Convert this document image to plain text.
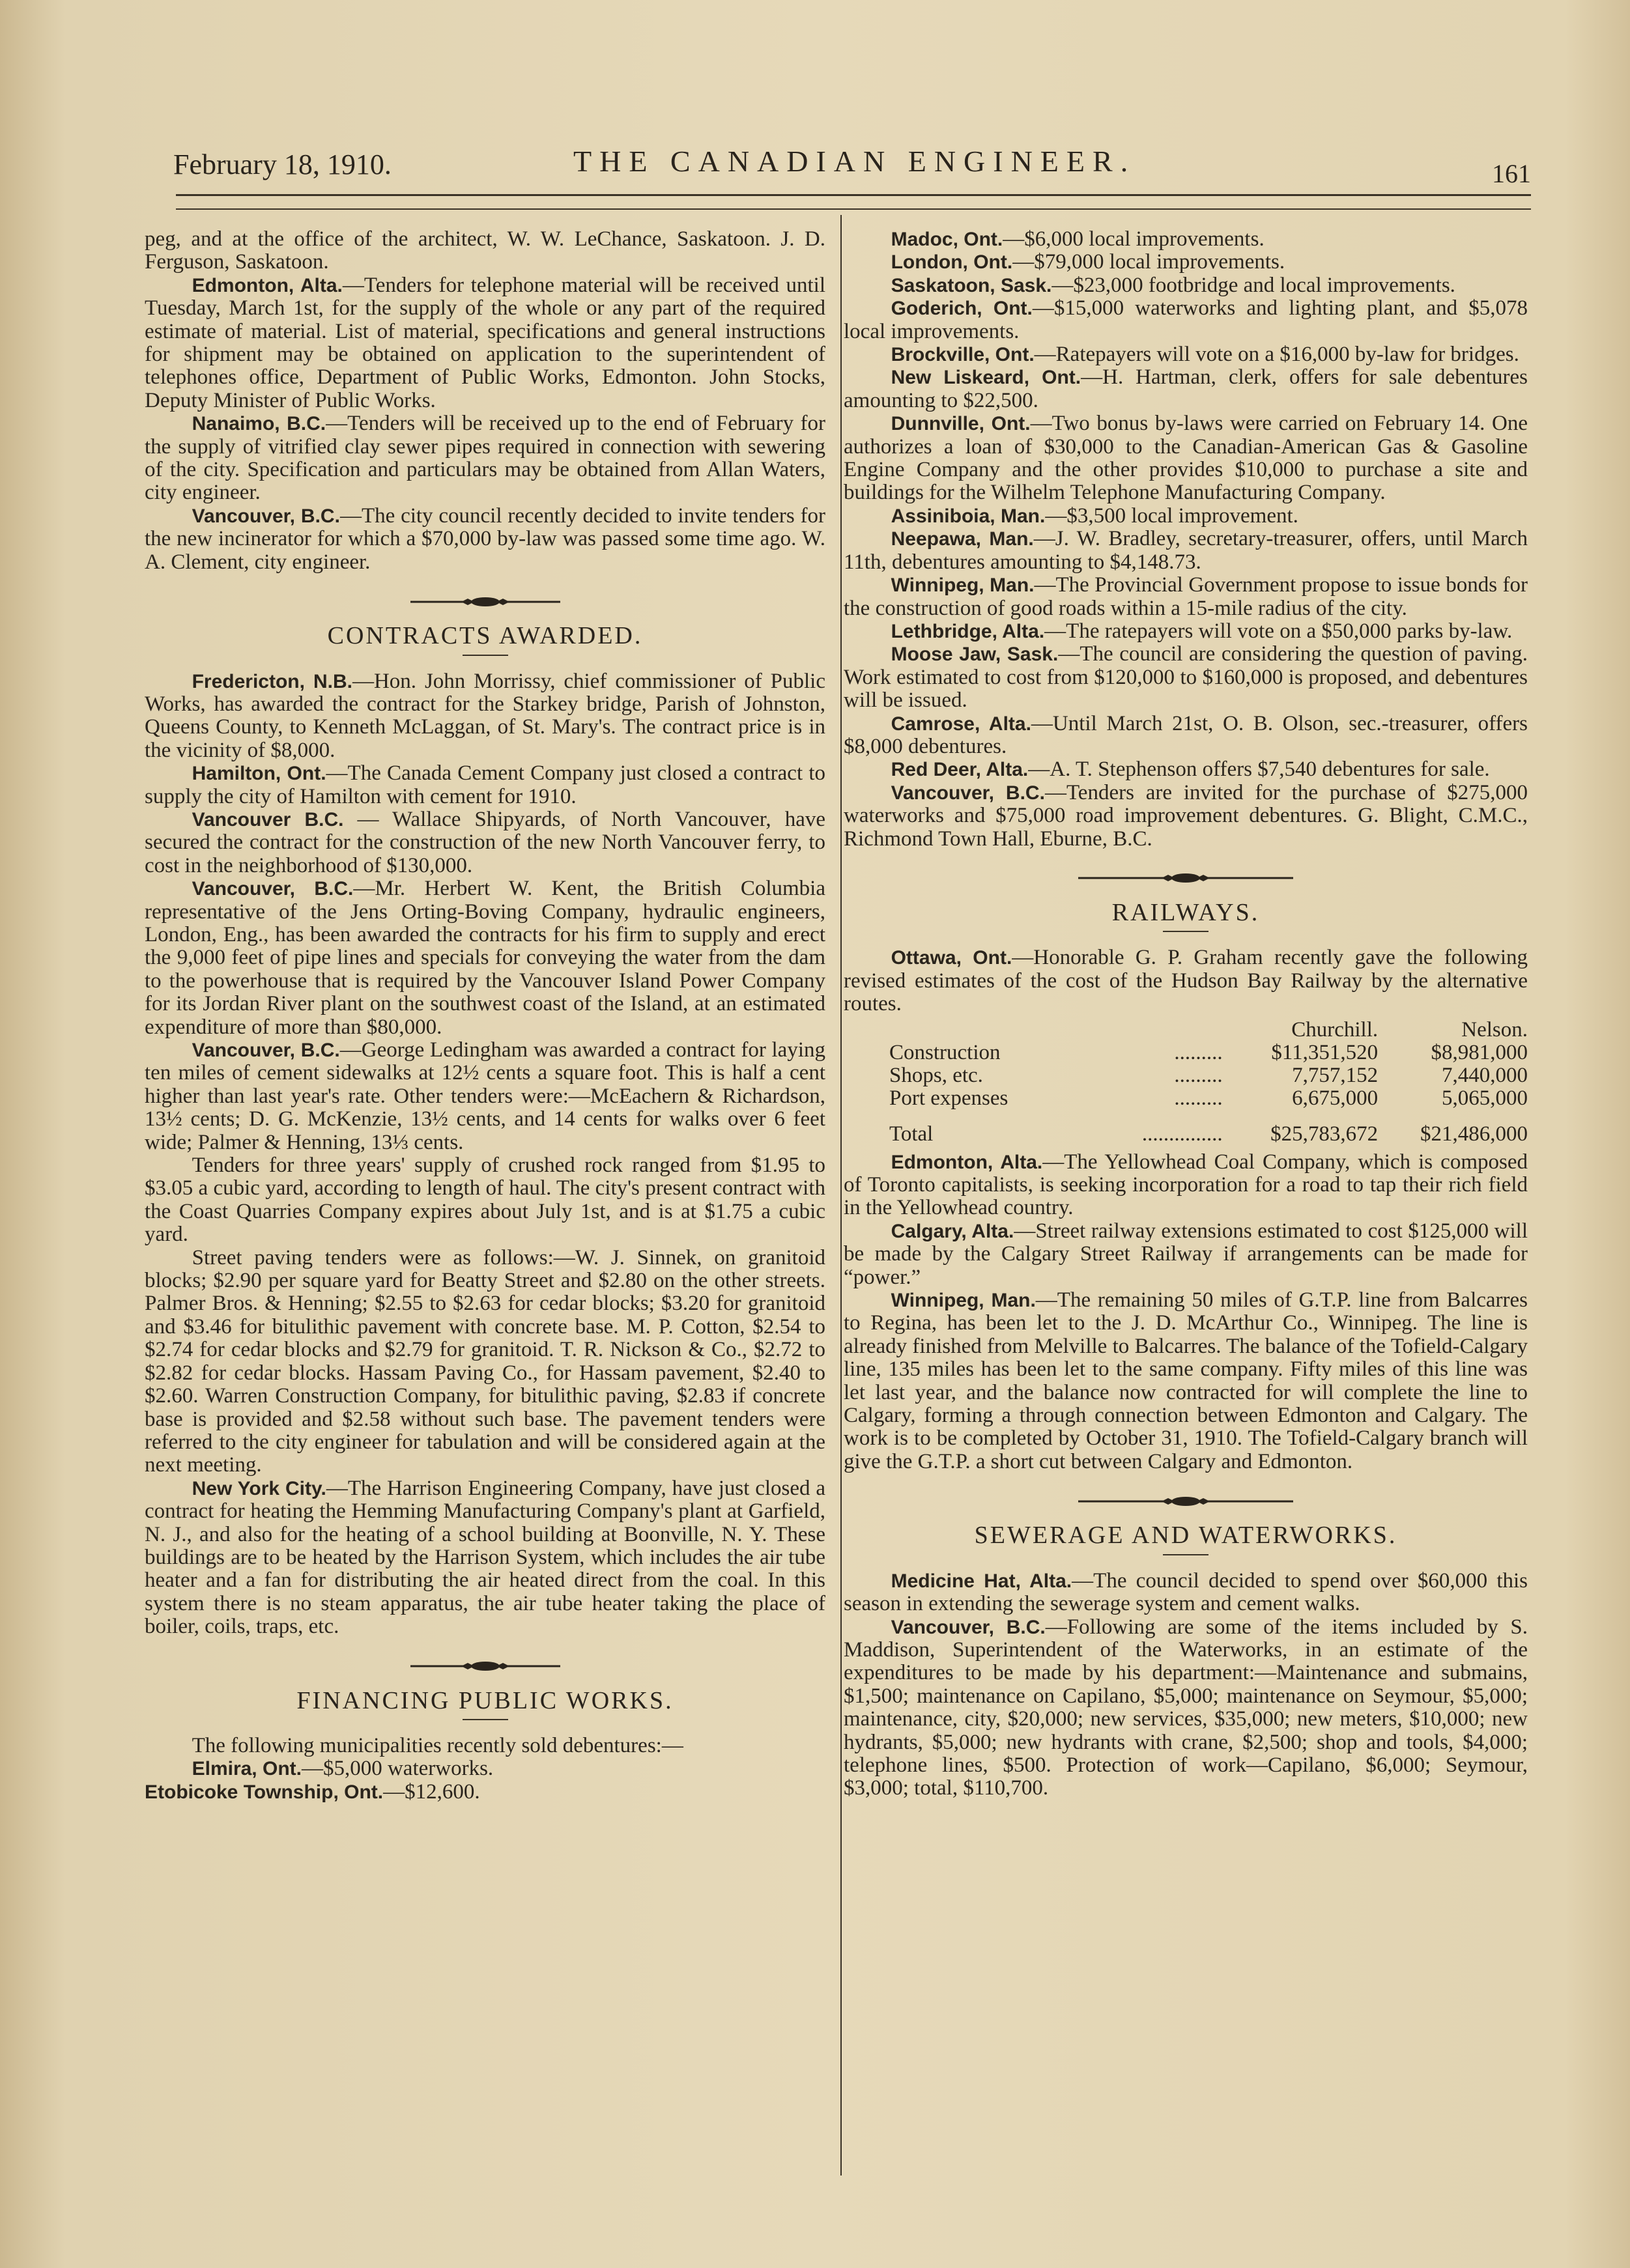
February 18, 1910.	THE CANADIAN ENGINEER.	161

peg, and at the office of the architect, W. W. LeChance, Saskatoon. J. D. Ferguson, Saskatoon.

Edmonton, Alta.—Tenders for telephone material will be received until Tuesday, March 1st, for the supply of the whole or any part of the required estimate of material. List of material, specifications and general instructions for shipment may be obtained on application to the superintendent of telephones office, Department of Public Works, Edmonton. John Stocks, Deputy Minister of Public Works.

Nanaimo, B.C.—Tenders will be received up to the end of February for the supply of vitrified clay sewer pipes required in connection with sewering of the city. Specification and particulars may be obtained from Allan Waters, city engineer.

Vancouver, B.C.—The city council recently decided to invite tenders for the new incinerator for which a $70,000 by-law was passed some time ago. W. A. Clement, city engineer.

CONTRACTS AWARDED.

Fredericton, N.B.—Hon. John Morrissy, chief commissioner of Public Works, has awarded the contract for the Starkey bridge, Parish of Johnston, Queens County, to Kenneth McLaggan, of St. Mary's. The contract price is in the vicinity of $8,000.

Hamilton, Ont.—The Canada Cement Company just closed a contract to supply the city of Hamilton with cement for 1910.

Vancouver B.C. — Wallace Shipyards, of North Vancouver, have secured the contract for the construction of the new North Vancouver ferry, to cost in the neighborhood of $130,000.

Vancouver, B.C.—Mr. Herbert W. Kent, the British Columbia representative of the Jens Orting-Boving Company, hydraulic engineers, London, Eng., has been awarded the contracts for his firm to supply and erect the 9,000 feet of pipe lines and specials for conveying the water from the dam to the powerhouse that is required by the Vancouver Island Power Company for its Jordan River plant on the southwest coast of the Island, at an estimated expenditure of more than $80,000.

Vancouver, B.C.—George Ledingham was awarded a contract for laying ten miles of cement sidewalks at 12½ cents a square foot. This is half a cent higher than last year's rate. Other tenders were:—McEachern & Richardson, 13½ cents; D. G. McKenzie, 13½ cents, and 14 cents for walks over 6 feet wide; Palmer & Henning, 13⅓ cents.

Tenders for three years' supply of crushed rock ranged from $1.95 to $3.05 a cubic yard, according to length of haul. The city's present contract with the Coast Quarries Company expires about July 1st, and is at $1.75 a cubic yard.

Street paving tenders were as follows:—W. J. Sinnek, on granitoid blocks; $2.90 per square yard for Beatty Street and $2.80 on the other streets. Palmer Bros. & Henning; $2.55 to $2.63 for cedar blocks; $3.20 for granitoid and $3.46 for bitulithic pavement with concrete base. M. P. Cotton, $2.54 to $2.74 for cedar blocks and $2.79 for granitoid. T. R. Nickson & Co., $2.72 to $2.82 for cedar blocks. Hassam Paving Co., for Hassam pavement, $2.40 to $2.60. Warren Construction Company, for bitulithic paving, $2.83 if concrete base is provided and $2.58 without such base. The pavement tenders were referred to the city engineer for tabulation and will be considered again at the next meeting.

New York City.—The Harrison Engineering Company, have just closed a contract for heating the Hemming Manufacturing Company's plant at Garfield, N. J., and also for the heating of a school building at Boonville, N. Y. These buildings are to be heated by the Harrison System, which includes the air tube heater and a fan for distributing the air heated direct from the coal. In this system there is no steam apparatus, the air tube heater taking the place of boiler, coils, traps, etc.

FINANCING PUBLIC WORKS.

The following municipalities recently sold debentures:—

Elmira, Ont.—$5,000 waterworks.

Etobicoke Township, Ont.—$12,600.

Madoc, Ont.—$6,000 local improvements.

London, Ont.—$79,000 local improvements.

Saskatoon, Sask.—$23,000 footbridge and local improvements.

Goderich, Ont.—$15,000 waterworks and lighting plant, and $5,078 local improvements.

Brockville, Ont.—Ratepayers will vote on a $16,000 by-law for bridges.

New Liskeard, Ont.—H. Hartman, clerk, offers for sale debentures amounting to $22,500.

Dunnville, Ont.—Two bonus by-laws were carried on February 14. One authorizes a loan of $30,000 to the Canadian-American Gas & Gasoline Engine Company and the other provides $10,000 to purchase a site and buildings for the Wilhelm Telephone Manufacturing Company.

Assiniboia, Man.—$3,500 local improvement.

Neepawa, Man.—J. W. Bradley, secretary-treasurer, offers, until March 11th, debentures amounting to $4,148.73.

Winnipeg, Man.—The Provincial Government propose to issue bonds for the construction of good roads within a 15-mile radius of the city.

Lethbridge, Alta.—The ratepayers will vote on a $50,000 parks by-law.

Moose Jaw, Sask.—The council are considering the question of paving. Work estimated to cost from $120,000 to $160,000 is proposed, and debentures will be issued.

Camrose, Alta.—Until March 21st, O. B. Olson, sec.-treasurer, offers $8,000 debentures.

Red Deer, Alta.—A. T. Stephenson offers $7,540 debentures for sale.

Vancouver, B.C.—Tenders are invited for the purchase of $275,000 waterworks and $75,000 road improvement debentures. G. Blight, C.M.C., Richmond Town Hall, Eburne, B.C.

RAILWAYS.

Ottawa, Ont.—Honorable G. P. Graham recently gave the following revised estimates of the cost of the Hudson Bay Railway by the alternative routes.

		Churchill.	Nelson.
Construction	.........	$11,351,520	$8,981,000
Shops, etc.	.........	7,757,152	7,440,000
Port expenses	.........	6,675,000	5,065,000
Total	...............	$25,783,672	$21,486,000

Edmonton, Alta.—The Yellowhead Coal Company, which is composed of Toronto capitalists, is seeking incorporation for a road to tap their rich field in the Yellowhead country.

Calgary, Alta.—Street railway extensions estimated to cost $125,000 will be made by the Calgary Street Railway if arrangements can be made for “power.”

Winnipeg, Man.—The remaining 50 miles of G.T.P. line from Balcarres to Regina, has been let to the J. D. McArthur Co., Winnipeg. The line is already finished from Melville to Balcarres. The balance of the Tofield-Calgary line, 135 miles has been let to the same company. Fifty miles of this line was let last year, and the balance now contracted for will complete the line to Calgary, forming a through connection between Edmonton and Calgary. The work is to be completed by October 31, 1910. The Tofield-Calgary branch will give the G.T.P. a short cut between Calgary and Edmonton.

SEWERAGE AND WATERWORKS.

Medicine Hat, Alta.—The council decided to spend over $60,000 this season in extending the sewerage system and cement walks.

Vancouver, B.C.—Following are some of the items included by S. Maddison, Superintendent of the Waterworks, in an estimate of the expenditures to be made by his department:—Maintenance and submains, $1,500; maintenance on Capilano, $5,000; maintenance on Seymour, $5,000; maintenance, city, $20,000; new services, $35,000; new meters, $10,000; new hydrants, $5,000; new hydrants with crane, $2,500; shop and tools, $4,000; telephone lines, $500. Protection of work—Capilano, $6,000; Seymour, $3,000; total, $110,700.
